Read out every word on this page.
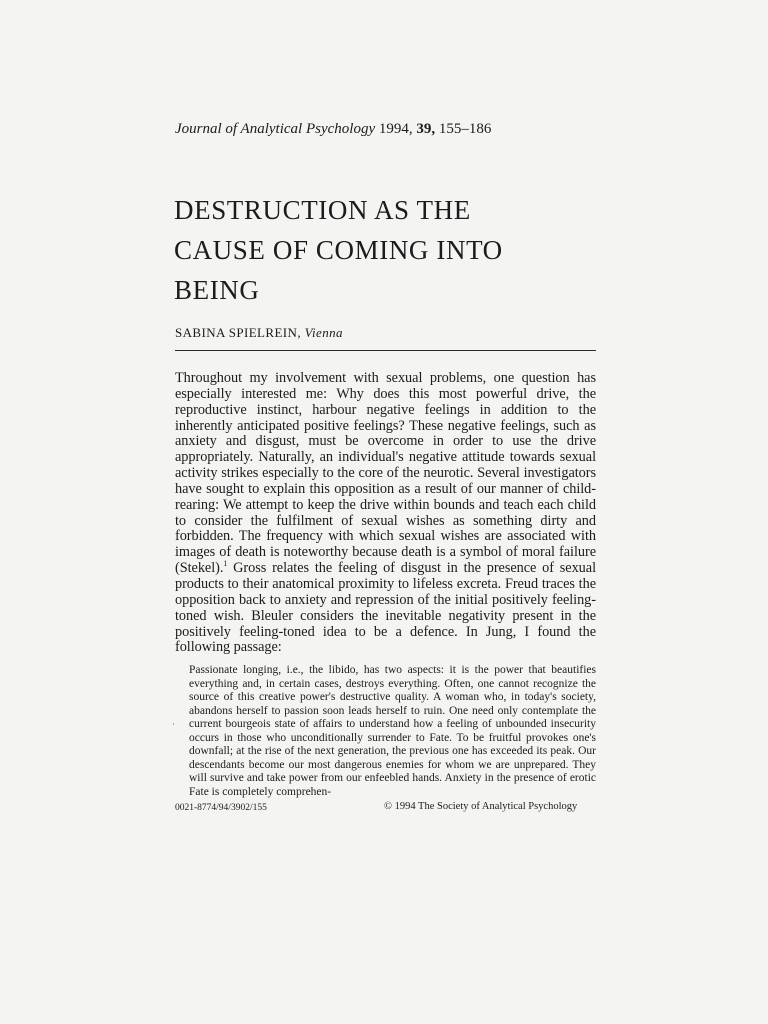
Journal of Analytical Psychology 1994, 39, 155–186
DESTRUCTION AS THE
CAUSE OF COMING INTO
BEING
SABINA SPIELREIN, Vienna
Throughout my involvement with sexual problems, one question has especially interested me: Why does this most powerful drive, the reproductive instinct, harbour negative feelings in addition to the inherently anticipated positive feelings? These negative feelings, such as anxiety and disgust, must be overcome in order to use the drive appropriately. Naturally, an individual's negative attitude towards sexual activity strikes especially to the core of the neurotic. Several investigators have sought to explain this opposition as a result of our manner of child-rearing: We attempt to keep the drive within bounds and teach each child to consider the fulfilment of sexual wishes as something dirty and forbidden. The frequency with which sexual wishes are associated with images of death is noteworthy because death is a symbol of moral failure (Stekel).$^1$ Gross relates the feeling of disgust in the presence of sexual products to their anatomical proximity to lifeless excreta. Freud traces the opposition back to anxiety and repression of the initial positively feeling-toned wish. Bleuler considers the inevitable negativity present in the positively feeling-toned idea to be a defence. In Jung, I found the following passage:
·
Passionate longing, i.e., the libido, has two aspects: it is the power that beautifies everything and, in certain cases, destroys everything. Often, one cannot recognize the source of this creative power's destructive quality. A woman who, in today's society, abandons herself to passion soon leads herself to ruin. One need only contemplate the current bourgeois state of affairs to understand how a feeling of unbounded insecurity occurs in those who unconditionally surrender to Fate. To be fruitful provokes one's downfall; at the rise of the next generation, the previous one has exceeded its peak. Our descendants become our most dangerous enemies for whom we are unprepared. They will survive and take power from our enfeebled hands. Anxiety in the presence of erotic Fate is completely comprehen-
0021-8774/94/3902/155	© 1994 The Society of Analytical Psychology
